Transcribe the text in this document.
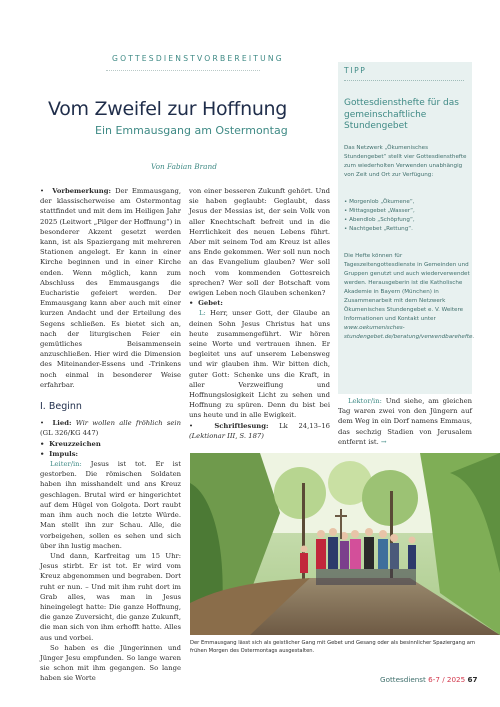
GOTTESDIENSTVORBEREITUNG
Vom Zweifel zur Hoffnung
Ein Emmausgang am Ostermontag
Von Fabian Brand
TIPP
Gottesdiensthefte für das gemeinschaftliche Stundengebet
Das Netzwerk „Ökumenisches Stundengebet“ stellt vier Gottesdiensthefte zum wiederholten Verwenden unabhängig von Zeit und Ort zur Verfügung:
• Morgenlob „Ökumene“,
• Mittagsgebet „Wasser“,
• Abendlob „Schöpfung“,
• Nachtgebet „Rettung“.
Die Hefte können für Tageszeitengottesdienste in Gemeinden und Gruppen genutzt und auch wiederverwendet werden. Herausgeberin ist die Katholische Akademie in Bayern (München) in Zusammenarbeit mit dem Netzwerk Ökumenisches Stundengebet e. V. Weitere Informationen und Kontakt unter www.oekumenisches-stundengebet.de/beratung/verwendbarehefte.

•  Vorbemerkung: Der Emmausgang, der klassischerweise am Ostermontag stattfindet und mit dem im Heiligen Jahr 2025 (Leitwort „Pilger der Hoffnung“) in besonderer Akzent gesetzt werden kann, ist als Spaziergang mit mehreren Stationen angelegt. Er kann in einer Kirche beginnen und in einer Kirche enden. Wenn möglich, kann zum Abschluss des Emmausgangs die Eucharistie gefeiert werden. Der Emmausgang kann aber auch mit einer kurzen Andacht und der Erteilung des Segens schließen. Es bietet sich an, nach der liturgischen Feier ein gemütliches Beisammensein anzuschließen. Hier wird die Dimension des Miteinander-Essens und -Trinkens noch einmal in besonderer Weise erfahrbar.

I. Beginn

•  Lied: Wir wollen alle fröhlich sein (GL 326/KG 447)

•  Kreuzzeichen

•  Impuls:

Leiter/in: Jesus ist tot. Er ist gestorben. Die römischen Soldaten haben ihn misshandelt und ans Kreuz geschlagen. Brutal wird er hingerichtet auf dem Hügel von Golgota. Dort raubt man ihm auch noch die letzte Würde. Man stellt ihn zur Schau. Alle, die vorbeigehen, sollen es sehen und sich über ihn lustig machen.

Und dann, Karfreitag um 15 Uhr: Jesus stirbt. Er ist tot. Er wird vom Kreuz abgenommen und begraben. Dort ruht er nun. – Und mit ihm ruht dort im Grab alles, was man in Jesus hineingelegt hatte: Die ganze Hoffnung, die ganze Zuversicht, die ganze Zukunft, die man sich von ihm erhofft hatte. Alles aus und vorbei.

So haben es die Jüngerinnen und Jünger Jesu empfunden. So lange waren sie schon mit ihm gegangen. So lange haben sie Worte

von einer besseren Zukunft gehört. Und sie haben geglaubt: Geglaubt, dass Jesus der Messias ist, der sein Volk von aller Knechtschaft befreit und in die Herrlichkeit des neuen Lebens führt. Aber mit seinem Tod am Kreuz ist alles ans Ende gekommen. Wer soll nun noch an das Evangelium glauben? Wer soll noch vom kommenden Gottesreich sprechen? Wer soll der Botschaft vom ewigen Leben noch Glauben schenken?

•  Gebet:

L: Herr, unser Gott, der Glaube an deinen Sohn Jesus Christus hat uns heute zusammengeführt. Wir hören seine Worte und vertrauen ihnen. Er begleitet uns auf unserem Lebensweg und wir glauben ihm. Wir bitten dich, guter Gott: Schenke uns die Kraft, in aller Verzweiflung und Hoffnungslosigkeit Licht zu sehen und Hoffnung zu spüren. Denn du bist bei uns heute und in alle Ewigkeit.

•  Schriftlesung: Lk 24,13–16 (Lektionar III, S. 187)

Lektor/in: Und siehe, am gleichen Tag waren zwei von den Jüngern auf dem Weg in ein Dorf namens Emmaus, das sechzig Stadien von Jerusalem entfernt ist. →

Der Emmausgang lässt sich als geistlicher Gang mit Gebet und Gesang oder als besinnlicher Spaziergang am frühen Morgen des Ostermontags ausgestalten.
Gottesdienst 6-7 / 2025 67
